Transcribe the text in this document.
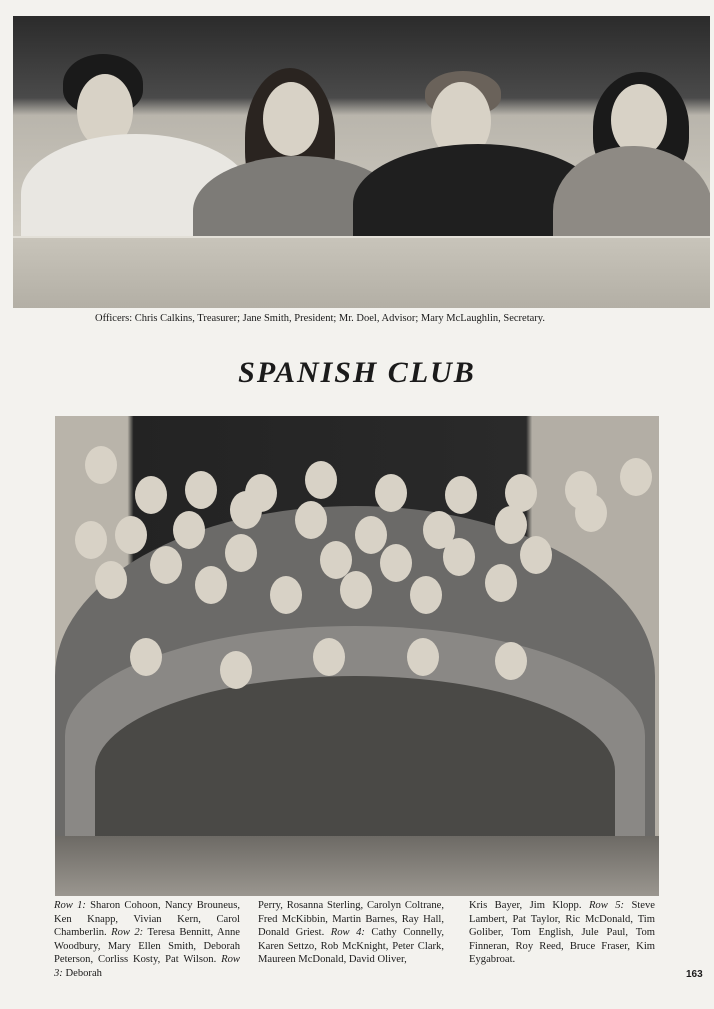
Officers: Chris Calkins, Treasurer; Jane Smith, President; Mr. Doel, Advisor; Mary McLaughlin, Secretary.
SPANISH CLUB
Row 1: Sharon Cohoon, Nancy Brouneus, Ken Knapp, Vivian Kern, Carol Chamberlin. Row 2: Teresa Bennitt, Anne Woodbury, Mary Ellen Smith, Deborah Peterson, Corliss Kosty, Pat Wilson. Row 3: Deborah
Perry, Rosanna Sterling, Carolyn Coltrane, Fred McKibbin, Martin Barnes, Ray Hall, Donald Griest. Row 4: Cathy Connelly, Karen Settzo, Rob McKnight, Peter Clark, Maureen McDonald, David Oliver,
Kris Bayer, Jim Klopp. Row 5: Steve Lambert, Pat Taylor, Ric McDonald, Tim Goliber, Tom English, Jule Paul, Tom Finneran, Roy Reed, Bruce Fraser, Kim Eygabroat.
163
